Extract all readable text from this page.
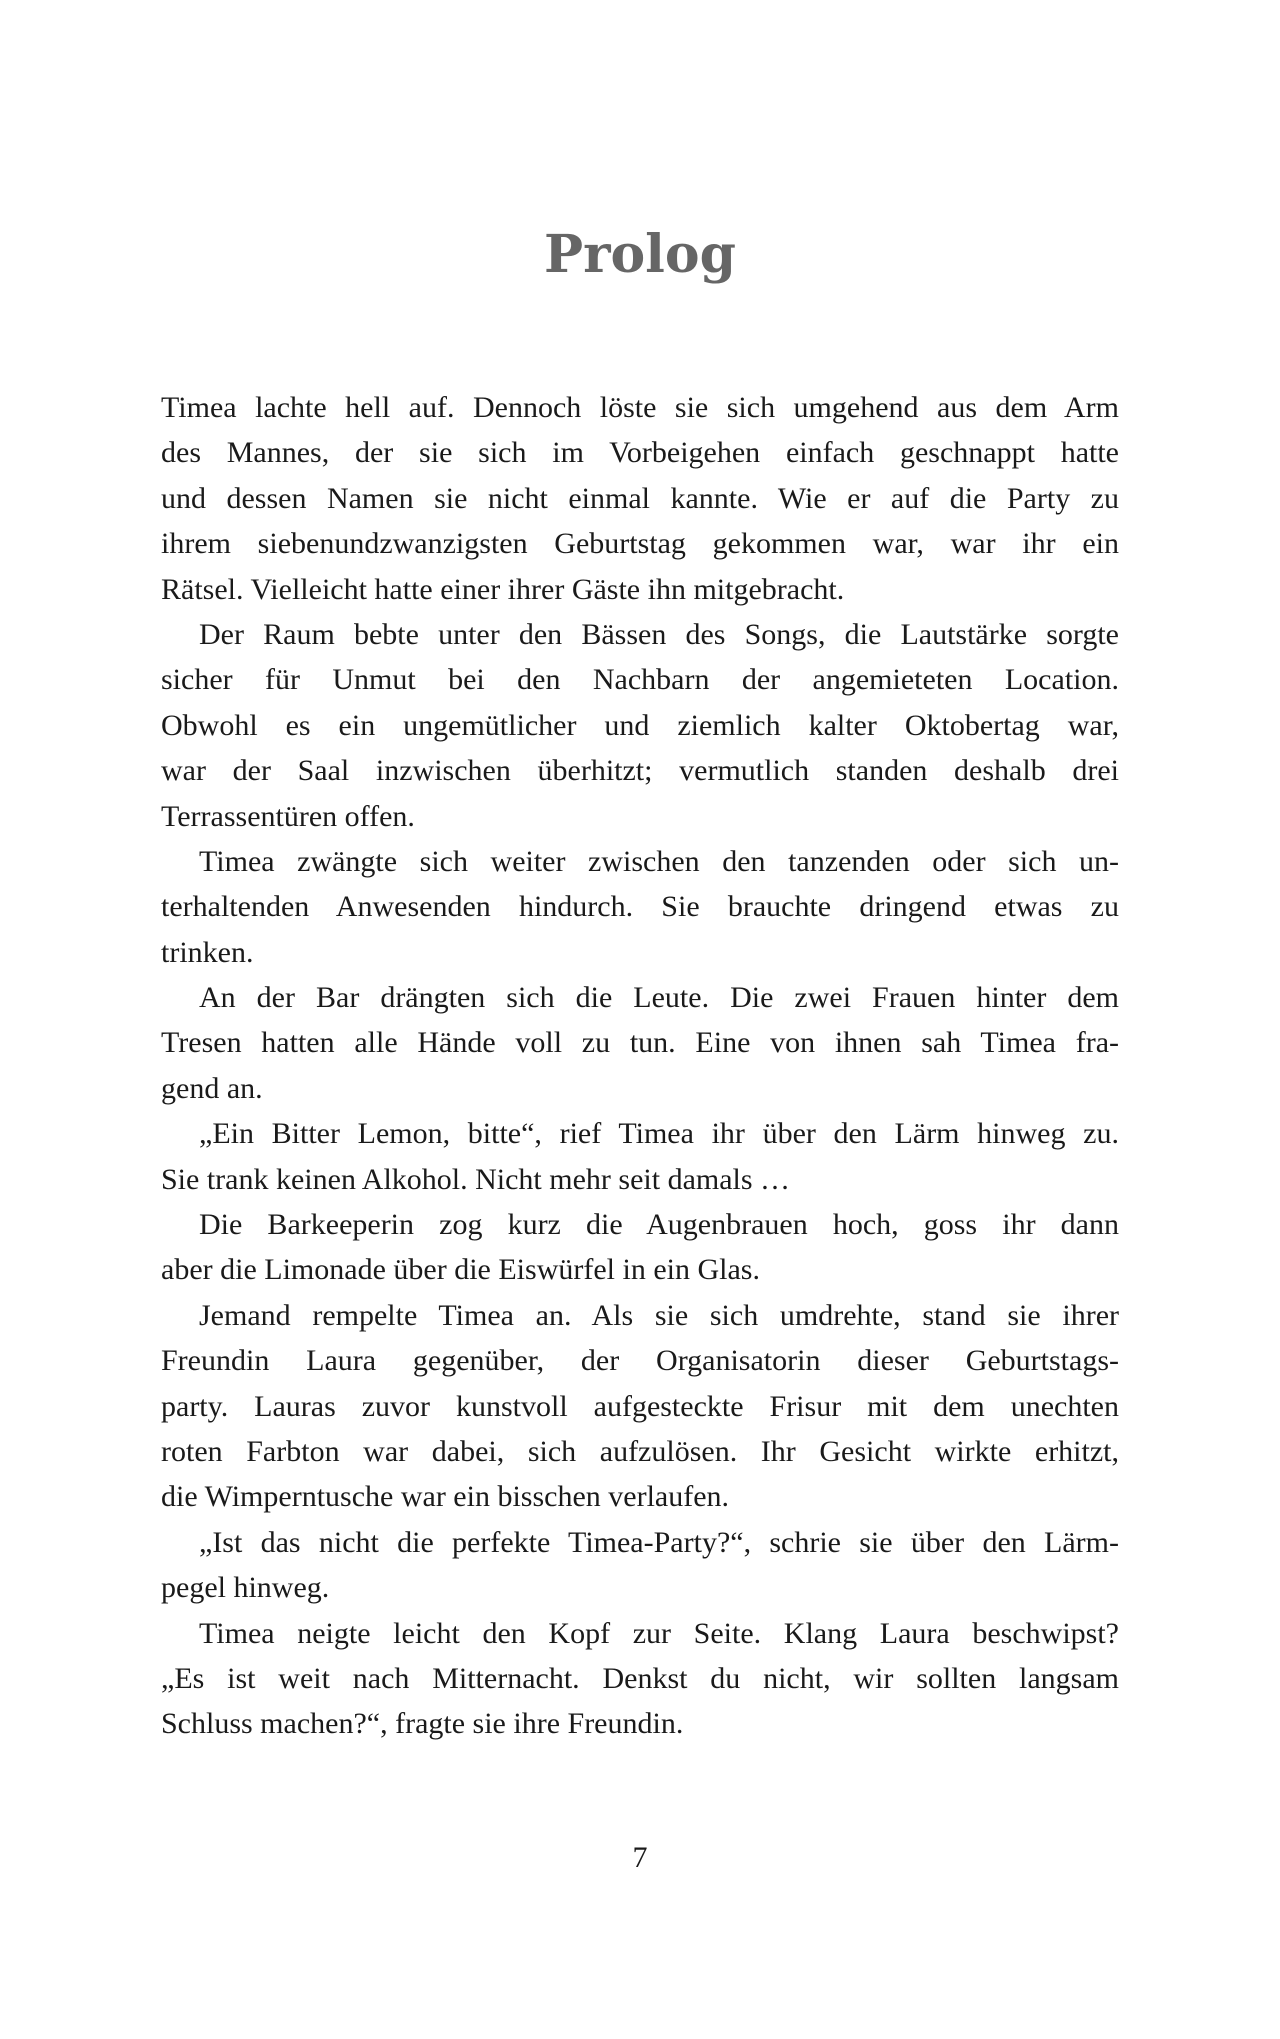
Prolog
Timea lachte hell auf. Dennoch löste sie sich umgehend aus dem Arm
des Mannes, der sie sich im Vorbeigehen einfach geschnappt hatte
und dessen Namen sie nicht einmal kannte. Wie er auf die Party zu
ihrem siebenundzwanzigsten Geburtstag gekommen war, war ihr ein
Rätsel. Vielleicht hatte einer ihrer Gäste ihn mitgebracht.
Der Raum bebte unter den Bässen des Songs, die Lautstärke sorgte
sicher für Unmut bei den Nachbarn der angemieteten Location.
Obwohl es ein ungemütlicher und ziemlich kalter Oktobertag war,
war der Saal inzwischen überhitzt; vermutlich standen deshalb drei
Terrassentüren offen.
Timea zwängte sich weiter zwischen den tanzenden oder sich un-
terhaltenden Anwesenden hindurch. Sie brauchte dringend etwas zu
trinken.
An der Bar drängten sich die Leute. Die zwei Frauen hinter dem
Tresen hatten alle Hände voll zu tun. Eine von ihnen sah Timea fra-
gend an.
„Ein Bitter Lemon, bitte“, rief Timea ihr über den Lärm hinweg zu.
Sie trank keinen Alkohol. Nicht mehr seit damals …
Die Barkeeperin zog kurz die Augenbrauen hoch, goss ihr dann
aber die Limonade über die Eiswürfel in ein Glas.
Jemand rempelte Timea an. Als sie sich umdrehte, stand sie ihrer
Freundin Laura gegenüber, der Organisatorin dieser Geburtstags-
party. Lauras zuvor kunstvoll aufgesteckte Frisur mit dem unechten
roten Farbton war dabei, sich aufzulösen. Ihr Gesicht wirkte erhitzt,
die Wimperntusche war ein bisschen verlaufen.
„Ist das nicht die perfekte Timea-Party?“, schrie sie über den Lärm-
pegel hinweg.
Timea neigte leicht den Kopf zur Seite. Klang Laura beschwipst?
„Es ist weit nach Mitternacht. Denkst du nicht, wir sollten langsam
Schluss machen?“, fragte sie ihre Freundin.
7
